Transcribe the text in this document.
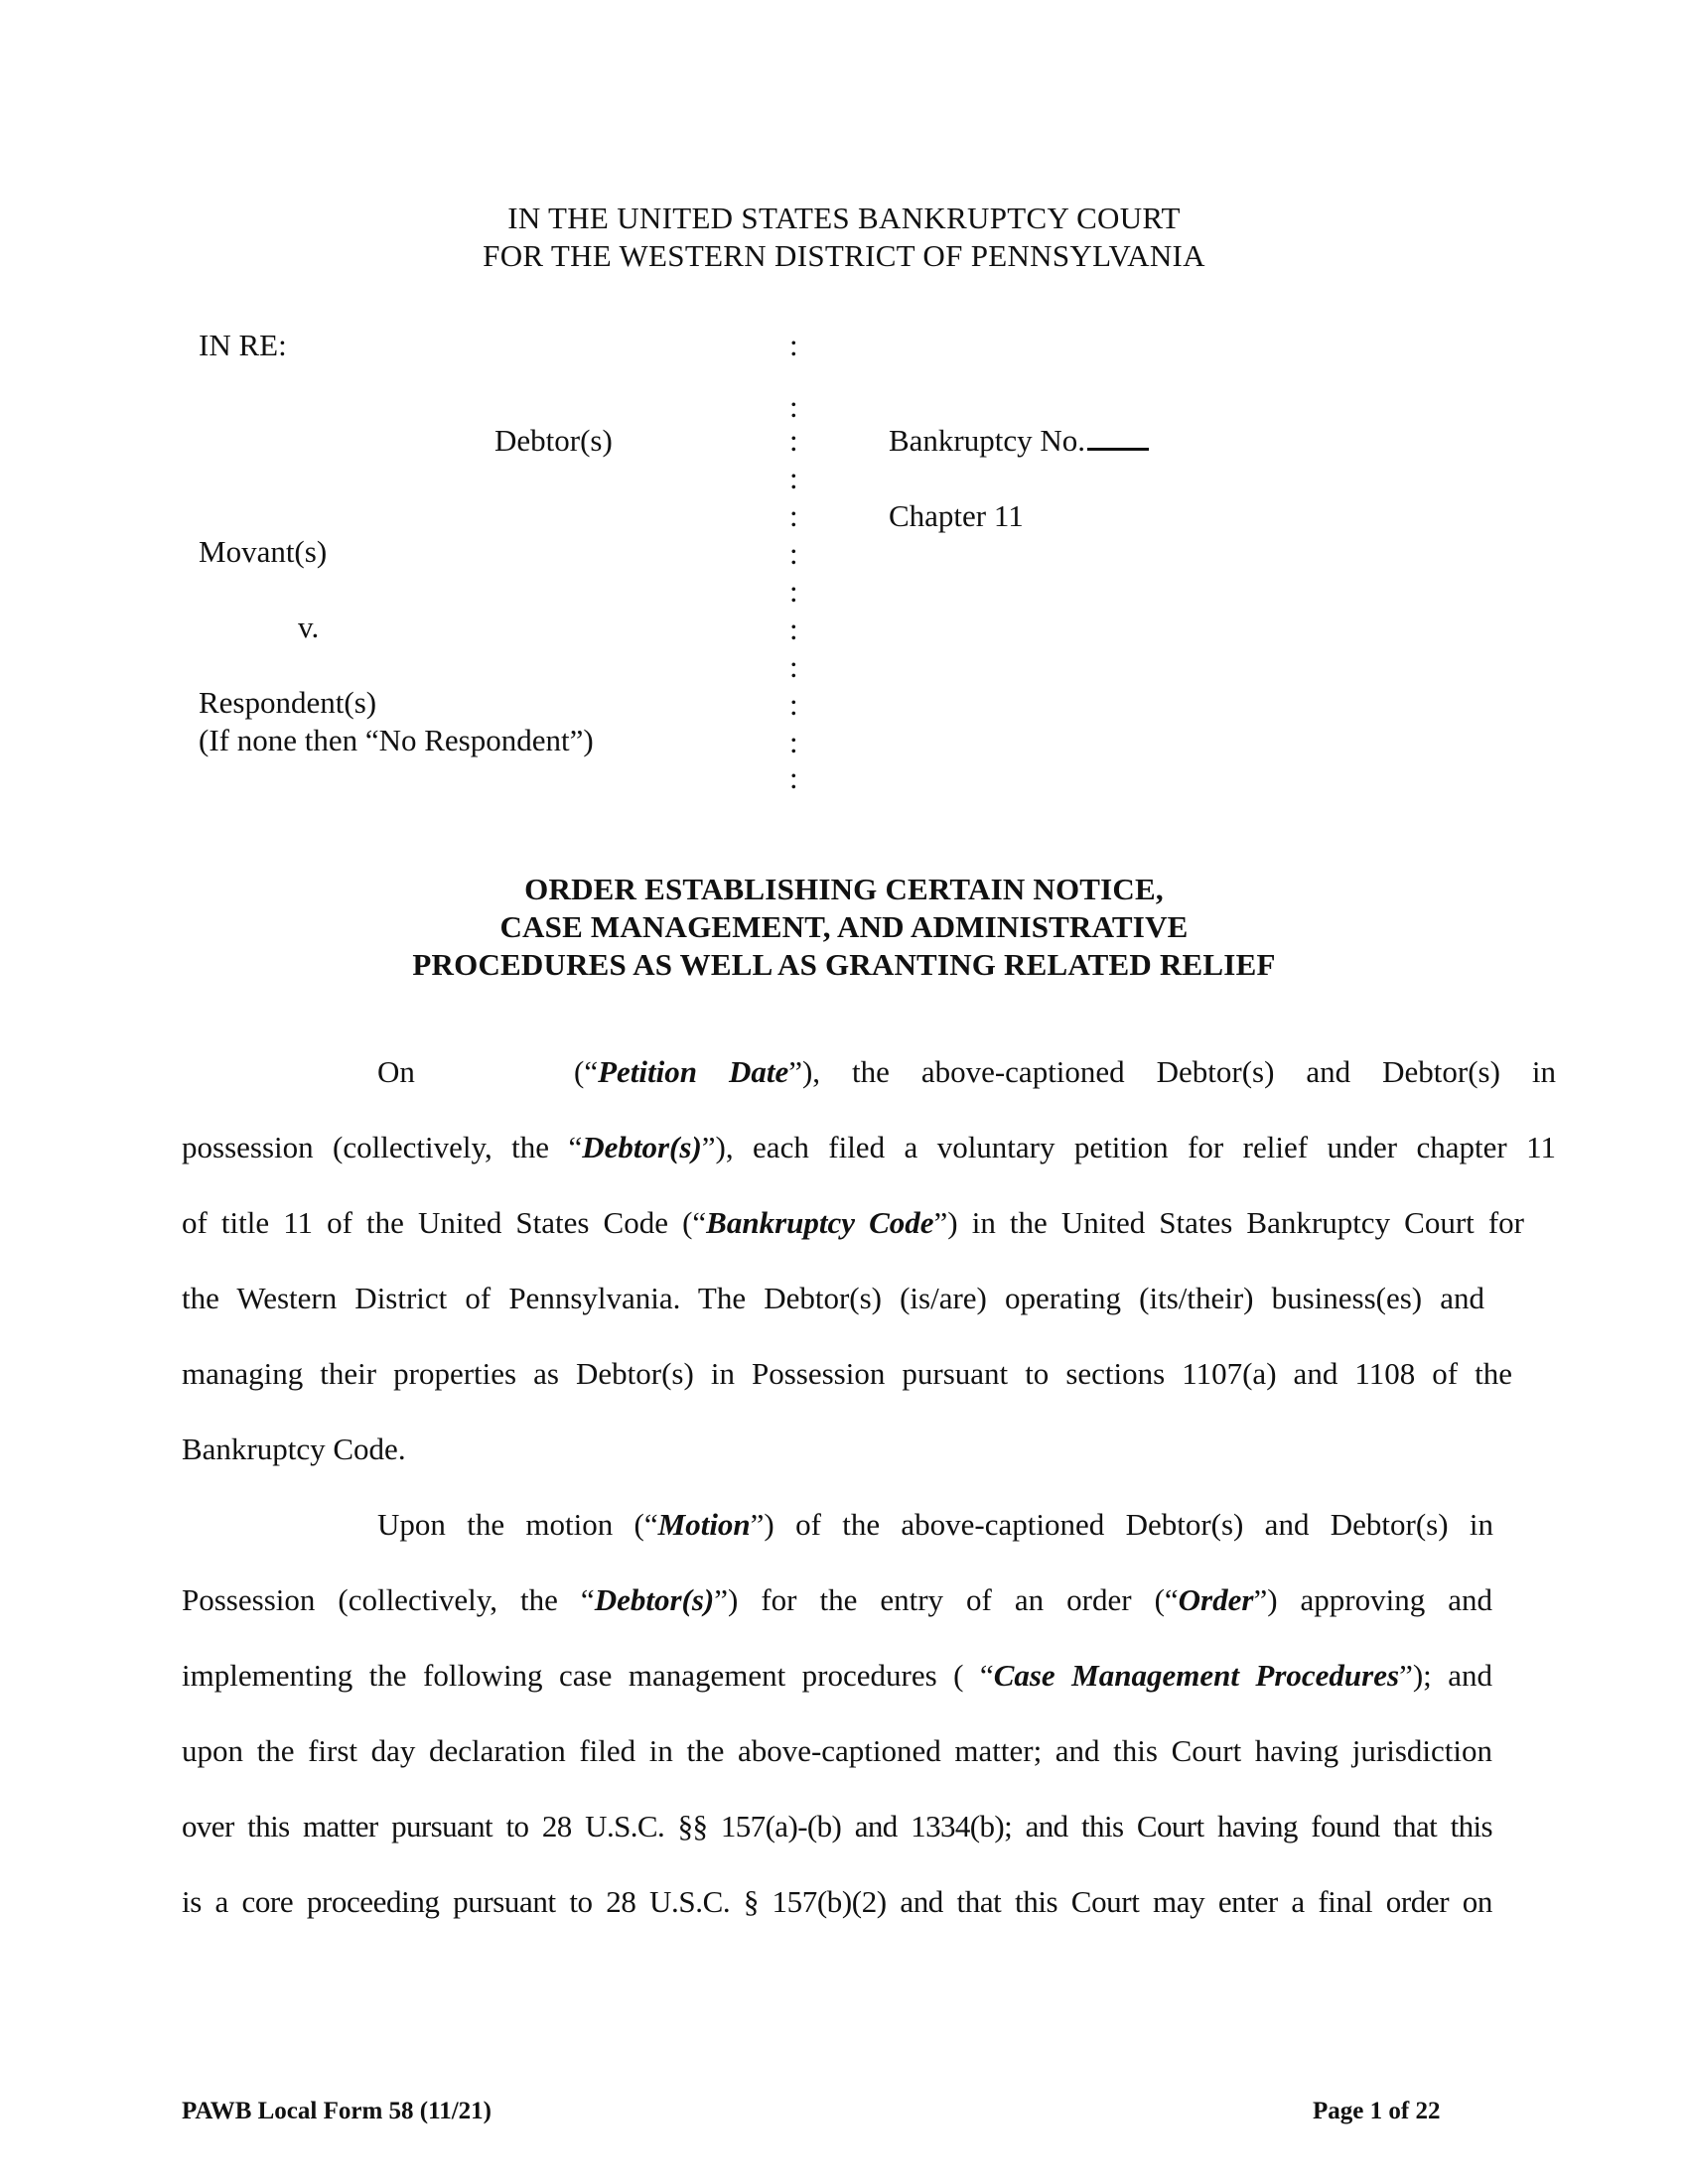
IN THE UNITED STATES BANKRUPTCY COURT
FOR THE WESTERN DISTRICT OF PENNSYLVANIA
IN RE:
Debtor(s)
Movant(s)
v.
Respondent(s)
(If none then “No Respondent”)
:
:
:
:
:
:
:
:
:
:
:
:
Bankruptcy No.
Chapter 11
ORDER ESTABLISHING CERTAIN NOTICE,
CASE MANAGEMENT, AND ADMINISTRATIVE
PROCEDURES AS WELL AS GRANTING RELATED RELIEF
On	(“Petition Date”), the above-captioned Debtor(s) and Debtor(s) in
possession (collectively, the “Debtor(s)”), each filed a voluntary petition for relief under chapter 11
of title 11 of the United States Code (“Bankruptcy Code”) in the United States Bankruptcy Court for
the Western District of Pennsylvania. The Debtor(s) (is/are) operating (its/their) business(es) and
managing their properties as Debtor(s) in Possession pursuant to sections 1107(a) and 1108 of the
Bankruptcy Code.
Upon the motion (“Motion”) of the above-captioned Debtor(s) and Debtor(s) in
Possession (collectively, the “Debtor(s)”) for the entry of an order (“Order”) approving and
implementing the following case management procedures ( “Case Management Procedures”); and
upon the first day declaration filed in the above-captioned matter; and this Court having jurisdiction
over this matter pursuant to 28 U.S.C. §§ 157(a)-(b) and 1334(b); and this Court having found that this
is a core proceeding pursuant to 28 U.S.C. § 157(b)(2) and that this Court may enter a final order on
PAWB Local Form 58 (11/21)	Page 1 of 22
